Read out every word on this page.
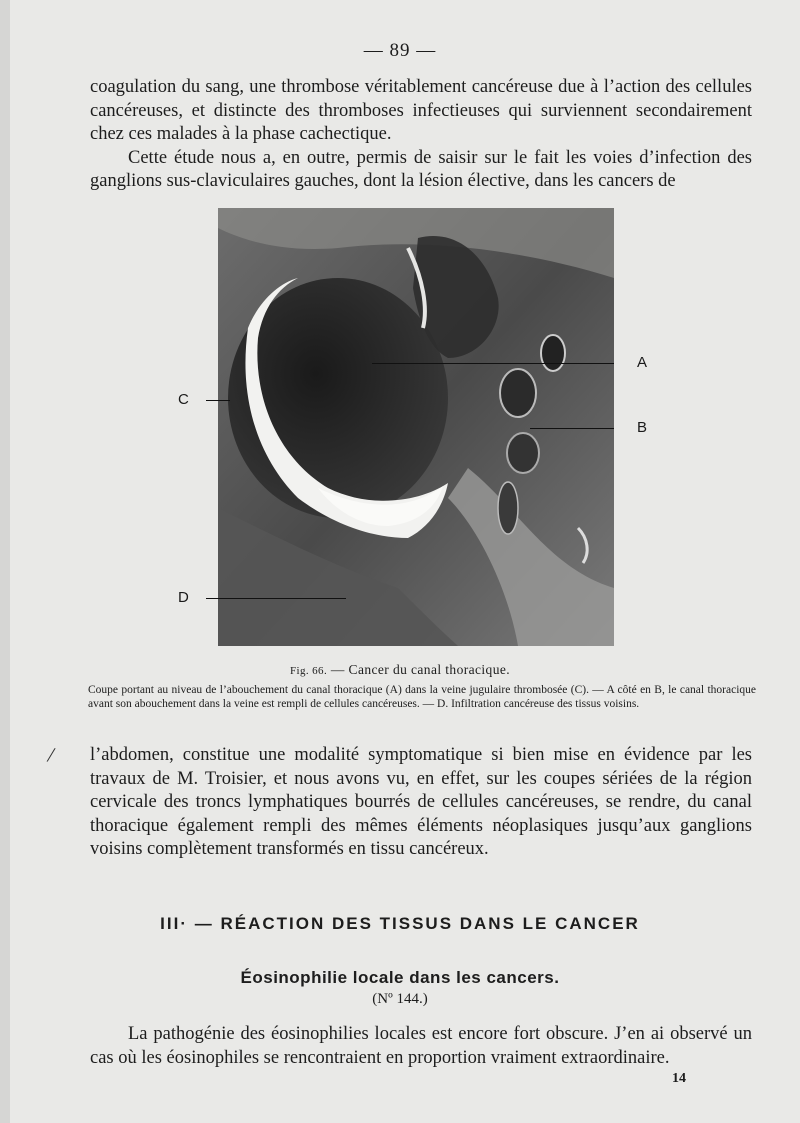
— 89 —

coagulation du sang, une thrombose véritablement cancéreuse due à l’action des cellules cancéreuses, et distincte des thromboses infectieuses qui surviennent secondairement chez ces malades à la phase cachectique.
Cette étude nous a, en outre, permis de saisir sur le fait les voies d’infection des ganglions sus-claviculaires gauches, dont la lésion élective, dans les cancers de

A
B
C
D
Fig. 66. — Cancer du canal thoracique.
Coupe portant au niveau de l’abouchement du canal thoracique (A) dans la veine jugulaire thrombosée (C). — A côté en B, le canal thoracique avant son abouchement dans la veine est rempli de cellules cancéreuses. — D. Infiltration cancéreuse des tissus voisins.
/ l’abdomen, constitue une modalité symptomatique si bien mise en évidence par les travaux de M. Troisier, et nous avons vu, en effet, sur les coupes sériées de la région cervicale des troncs lymphatiques bourrés de cellules cancéreuses, se rendre, du canal thoracique également rempli des mêmes éléments néoplasiques jusqu’aux ganglions voisins complètement transformés en tissu cancéreux.

III· — RÉACTION DES TISSUS DANS LE CANCER
Éosinophilie locale dans les cancers.
(Nº 144.)

La pathogénie des éosinophilies locales est encore fort obscure. J’en ai observé un cas où les éosinophiles se rencontraient en proportion vraiment extraordinaire.

14
